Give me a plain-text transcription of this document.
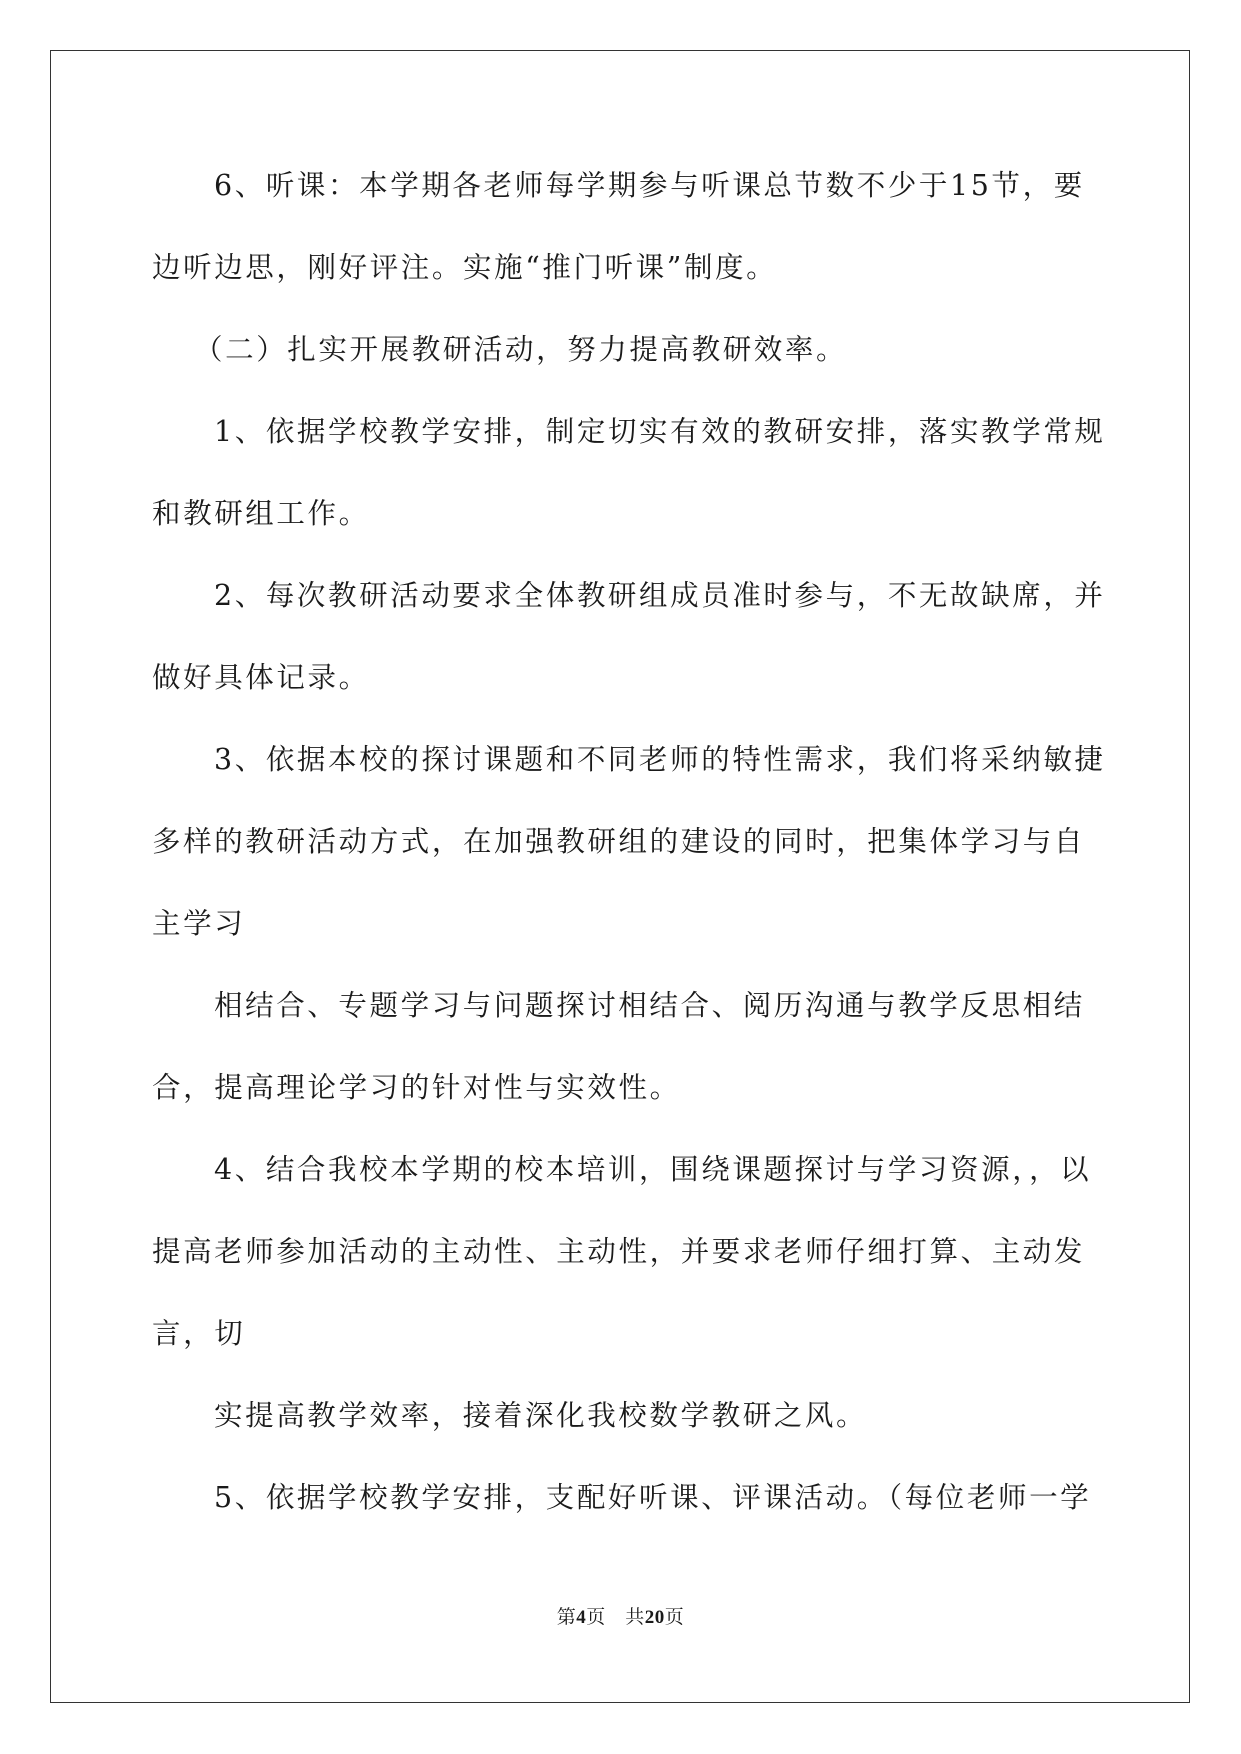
6、听课：本学期各老师每学期参与听课总节数不少于15节，要
边听边思，刚好评注。实施“推门听课”制度。
（二）扎实开展教研活动，努力提高教研效率。
1、依据学校教学安排，制定切实有效的教研安排，落实教学常规
和教研组工作。
2、每次教研活动要求全体教研组成员准时参与，不无故缺席，并
做好具体记录。
3、依据本校的探讨课题和不同老师的特性需求，我们将采纳敏捷
多样的教研活动方式，在加强教研组的建设的同时，把集体学习与自
主学习
相结合、专题学习与问题探讨相结合、阅历沟通与教学反思相结
合，提高理论学习的针对性与实效性。
4、结合我校本学期的校本培训，围绕课题探讨与学习资源，，以
提高老师参加活动的主动性、主动性，并要求老师仔细打算、主动发
言，切
实提高教学效率，接着深化我校数学教研之风。
5、依据学校教学安排，支配好听课、评课活动。（每位老师一学
第4页　共20页
